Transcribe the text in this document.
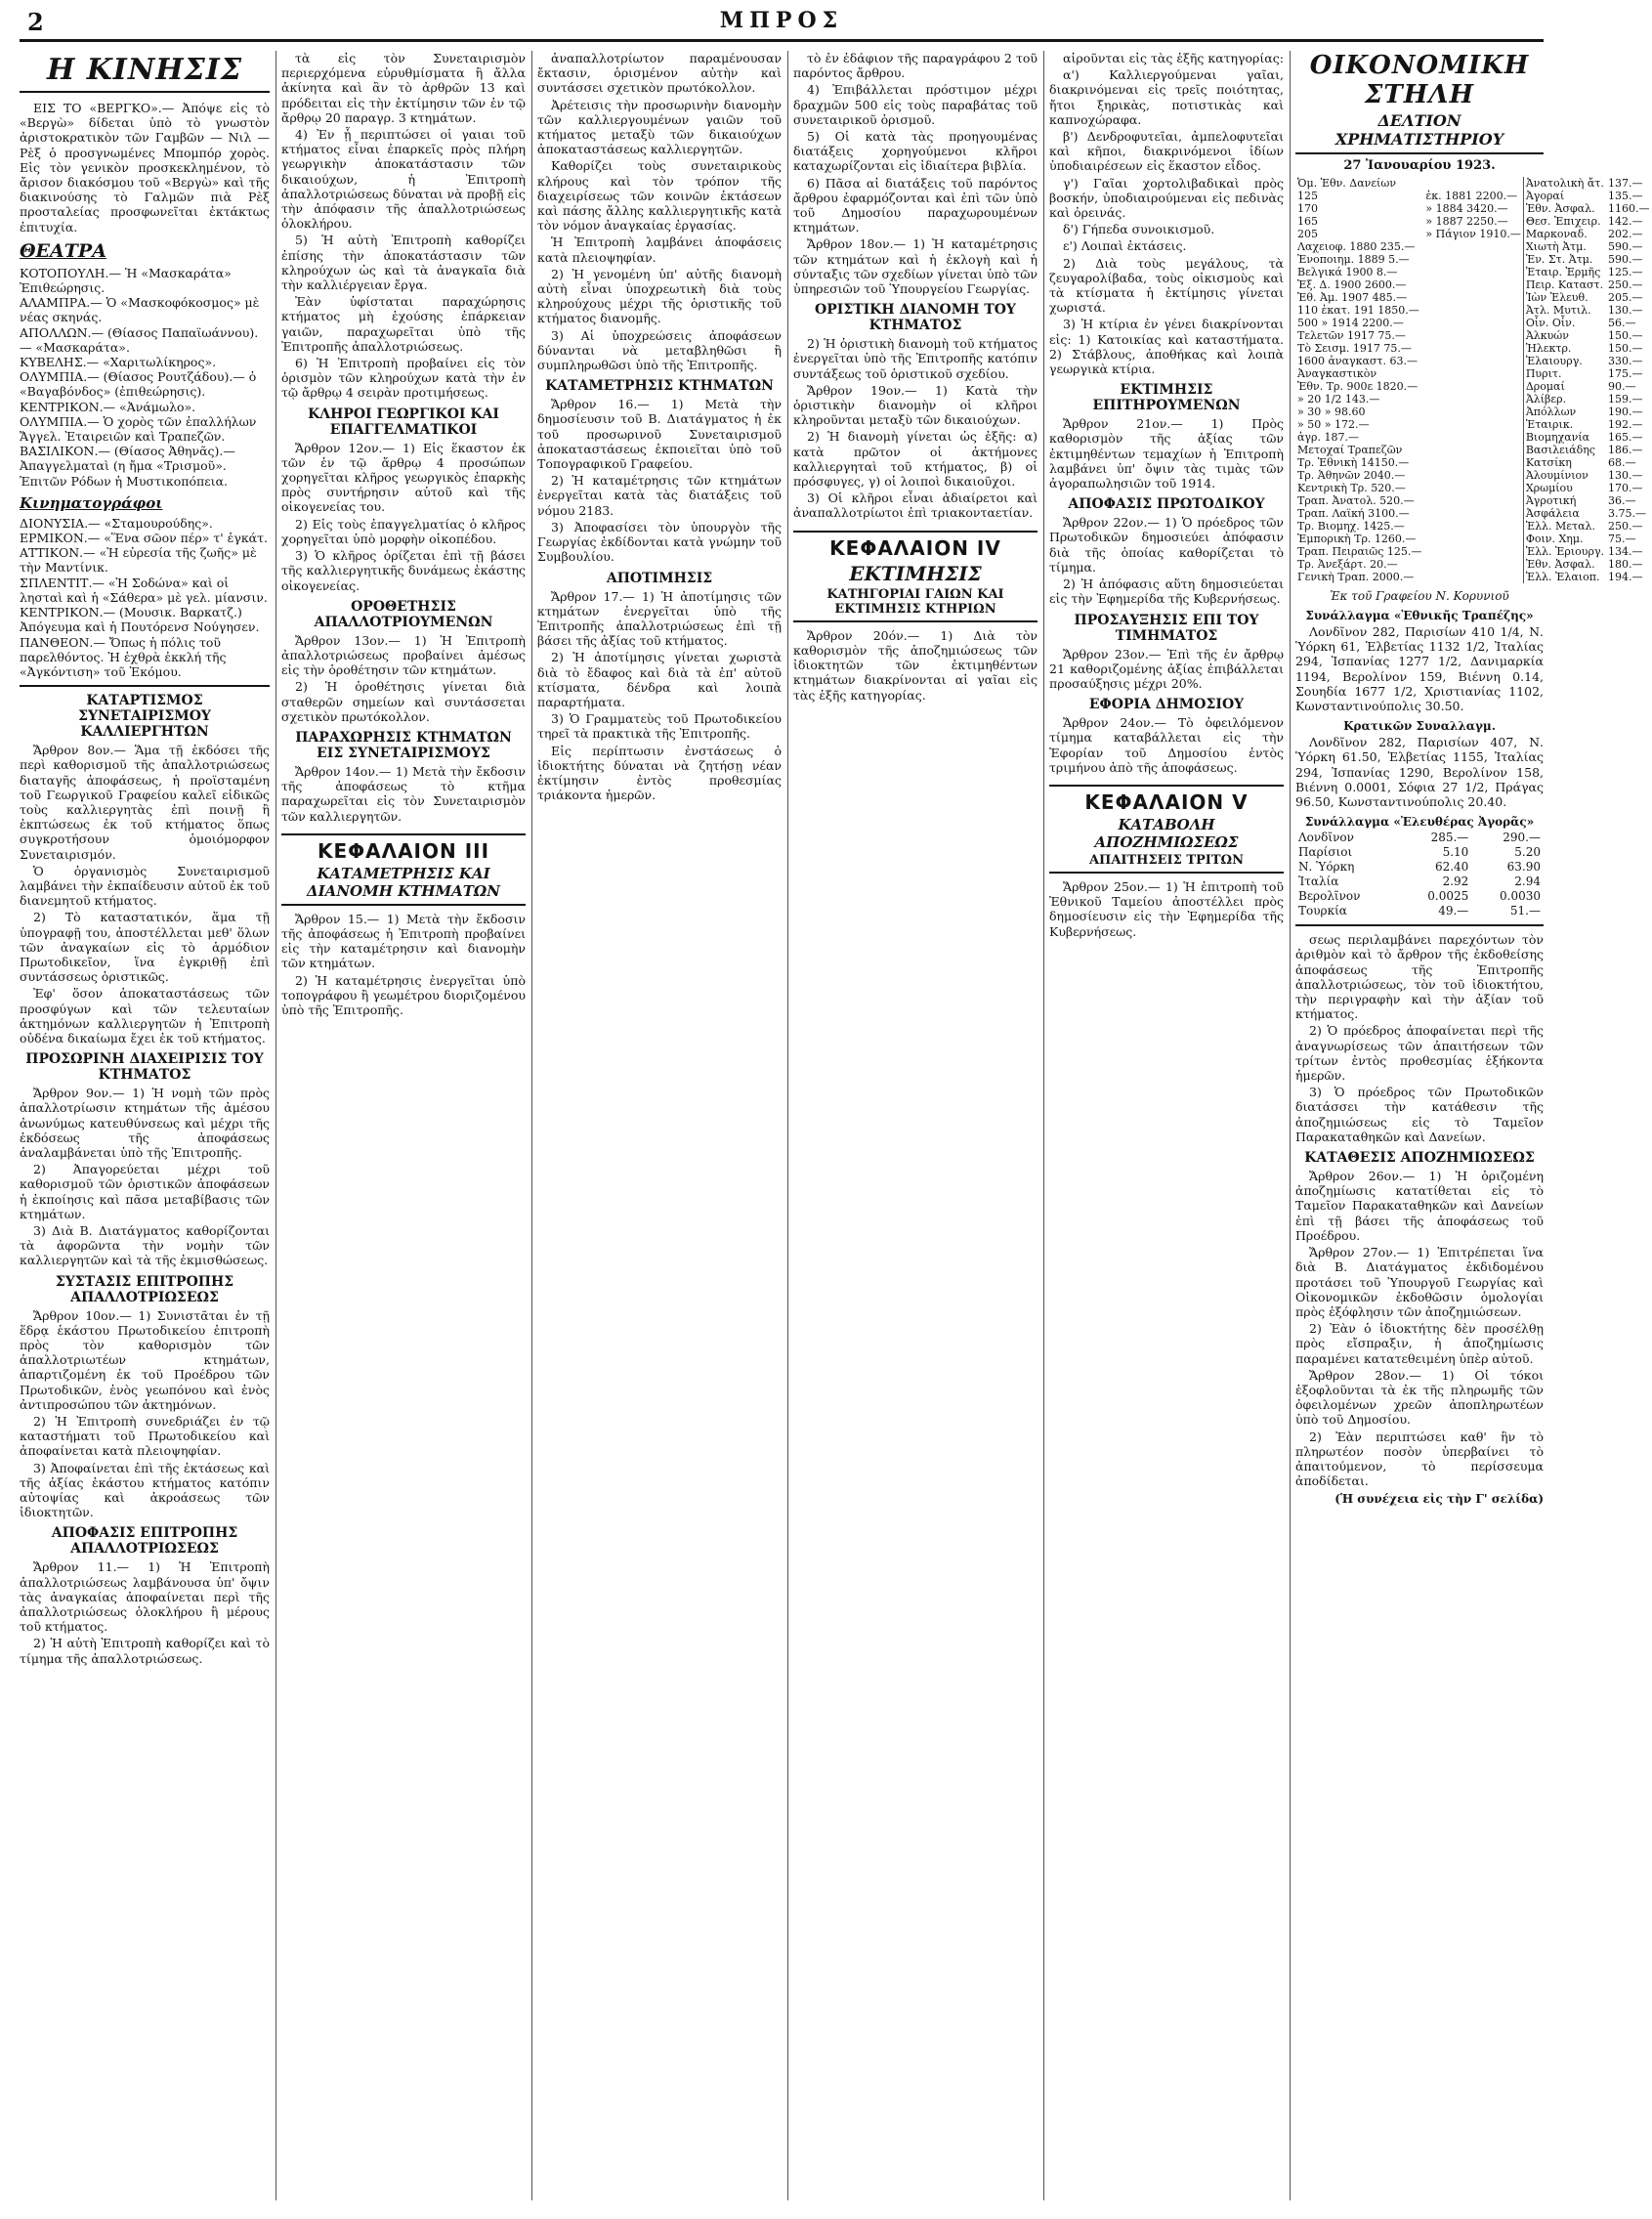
2	ΜΠΡΟΣ
Η ΚΙΝΗΣΙΣ

ΕΙΣ ΤΟ «ΒΕΡΓΚΟ».— Ἀπόψε εἰς τὸ «Βεργὼ» δίδεται ὑπὸ τὸ γνωστὸν ἀριστοκρατικὸν τῶν Γαμβῶν — Νιλ — Ρὲξ ὁ προσγνωμένες Μπομπόρ χορὸς. Εἰς τὸν γενικὸν προσκεκλημένον, τὸ ἄρισον διακόσμου τοῦ «Βεργὼ» καὶ τῆς διακινούσης τὸ Γαλμῶν πιὰ Ρὲξ προσταλείας προσφωνεῖται ἐκτάκτως ἐπιτυχία.

ΘΕΑΤΡΑ

ΚΟΤΟΠΟΥΛΗ.— Ἡ «Μασκαράτα» Ἐπιθεώρησις.

ΑΛΑΜΠΡΑ.— Ὁ «Μασκοφόκοσμος» μὲ νέας σκηνάς.

ΑΠΟΛΛΩΝ.— (Θίασος Παπαϊωάννου).— «Μασκαράτα».

ΚΥΒΕΛΗΣ.— «Χαριτωλίκηρος».

ΟΛΥΜΠΙΑ.— (Θίασος Ρουτζάδου).— ὁ «Βαγαβόνδος» (ἐπιθεώρησις).

ΚΕΝΤΡΙΚΟΝ.— «Ἀνάμωλο».

ΟΛΥΜΠΙΑ.— Ὁ χορὸς τῶν ἐπαλλήλων Ἄγγελ. Ἐταιρειῶν καὶ Τραπεζῶν.

ΒΑΣΙΛΙΚΟΝ.— (Θίασος Ἀθηνᾶς).— Ἀπαγγελματαὶ (η ἤμα «Τρισμοῦ». Ἐπιτῶν Ρόδων ἡ Μυστικοπόπεια.

Κινηματογράφοι

ΔΙΟΝΥΣΙΑ.— «Σταμουρούδης».

ΕΡΜΙΚΟΝ.— «Ἕνα σῶον πέρ» τ' ἐγκάτ.

ΑΤΤΙΚΟΝ.— «Ἡ εὐρεσία τῆς ζωῆς» μὲ τὴν Μαντίνικ.

ΣΠΛΕΝΤΙΤ.— «Ἡ Σοδώνα» καὶ οἱ λησταὶ καὶ ἡ «Σάθερα» μὲ γελ. μίανσιν.

ΚΕΝΤΡΙΚΟΝ.— (Μουσικ. Βαρκατζ.) Ἀπόγευμα καὶ ἡ Πουτόρενσ Νούγησεν.

ΠΑΝΘΕΟΝ.— Ὄπως ἡ πόλις τοῦ παρελθόντος. Ἡ ἐχθρὰ ἐκκλή τῆς «Ἀγκόντιση» τοῦ Ἐκόμου.

ΚΑΤΑΡΤΙΣΜΟΣ ΣΥΝΕΤΑΙΡΙΣΜΟΥ ΚΑΛΛΙΕΡΓΗΤΩΝ

Ἄρθρον 8ον.— Ἅμα τῇ ἐκδόσει τῆς περὶ καθορισμοῦ τῆς ἀπαλλοτριώσεως διαταγῆς ἀποφάσεως, ἡ προϊσταμένη τοῦ Γεωργικοῦ Γραφείου καλεῖ εἰδικῶς τοὺς καλλιεργητὰς ἐπὶ ποινῇ ἢ ἐκπτώσεως ἐκ τοῦ κτήματος ὅπως συγκροτήσουν ὁμοιόμορφον Συνεταιρισμόν.

Ὁ ὀργανισμὸς Συνεταιρισμοῦ λαμβάνει τὴν ἐκπαίδευσιν αὐτοῦ ἐκ τοῦ διανεμητοῦ κτήματος.

2) Τὸ καταστατικόν, ἅμα τῇ ὑπογραφῇ του, ἀποστέλλεται μεθ' ὅλων τῶν ἀναγκαίων εἰς τὸ ἁρμόδιον Πρωτοδικεῖον, ἵνα ἐγκριθῇ ἐπὶ συντάσσεως ὁριστικῶς.

Ἐφ' ὅσον ἀποκαταστάσεως τῶν προσφύγων καὶ τῶν τελευταίων ἀκτημόνων καλλιεργητῶν ἡ Ἐπιτροπὴ οὐδένα δικαίωμα ἔχει ἐκ τοῦ κτήματος.

ΠΡΟΣΩΡΙΝΗ ΔΙΑΧΕΙΡΙΣΙΣ ΤΟΥ ΚΤΗΜΑΤΟΣ

Ἄρθρον 9ον.— 1) Ἡ νομὴ τῶν πρὸς ἀπαλλοτρίωσιν κτημάτων τῆς ἀμέσου ἀνωνύμως κατευθύνσεως καὶ μέχρι τῆς ἐκδόσεως τῆς ἀποφάσεως ἀναλαμβάνεται ὑπὸ τῆς Ἐπιτροπῆς.

2) Ἀπαγορεύεται μέχρι τοῦ καθορισμοῦ τῶν ὁριστικῶν ἀποφάσεων ἡ ἐκποίησις καὶ πᾶσα μεταβίβασις τῶν κτημάτων.

3) Διὰ Β. Διατάγματος καθορίζονται τὰ ἀφορῶντα τὴν νομὴν τῶν καλλιεργητῶν καὶ τὰ τῆς ἐκμισθώσεως.

ΣΥΣΤΑΣΙΣ ΕΠΙΤΡΟΠΗΣ ΑΠΑΛΛΟΤΡΙΩΣΕΩΣ

Ἄρθρον 10ον.— 1) Συνιστᾶται ἐν τῇ ἕδρᾳ ἑκάστου Πρωτοδικείου ἐπιτροπὴ πρὸς τὸν καθορισμὸν τῶν ἀπαλλοτριωτέων κτημάτων, ἀπαρτιζομένη ἐκ τοῦ Προέδρου τῶν Πρωτοδικῶν, ἑνὸς γεωπόνου καὶ ἑνὸς ἀντιπροσώπου τῶν ἀκτημόνων.

2) Ἡ Ἐπιτροπὴ συνεδριάζει ἐν τῷ καταστήματι τοῦ Πρωτοδικείου καὶ ἀποφαίνεται κατὰ πλειοψηφίαν.

3) Ἀποφαίνεται ἐπὶ τῆς ἐκτάσεως καὶ τῆς ἀξίας ἑκάστου κτήματος κατόπιν αὐτοψίας καὶ ἀκροάσεως τῶν ἰδιοκτητῶν.

ΑΠΟΦΑΣΙΣ ΕΠΙΤΡΟΠΗΣ ΑΠΑΛΛΟΤΡΙΩΣΕΩΣ

Ἄρθρον 11.— 1) Ἡ Ἐπιτροπὴ ἀπαλλοτριώσεως λαμβάνουσα ὑπ' ὄψιν τὰς ἀναγκαίας ἀποφαίνεται περὶ τῆς ἀπαλλοτριώσεως ὁλοκλήρου ἢ μέρους τοῦ κτήματος.

2) Ἡ αὐτὴ Ἐπιτροπὴ καθορίζει καὶ τὸ τίμημα τῆς ἀπαλλοτριώσεως.

τὰ εἰς τὸν Συνεταιρισμὸν περιερχόμενα εὐρυθμίσματα ἢ ἄλλα ἀκίνητα καὶ ἂν τὸ ἀρθρῶν 13 καὶ πρόδειται εἰς τὴν ἐκτίμησιν τῶν ἐν τῷ ἄρθρῳ 20 παραγρ. 3 κτημάτων.

4) Ἐν ᾗ περιπτώσει οἱ γαιαι τοῦ κτήματος εἶναι ἐπαρκεῖς πρὸς πλήρη γεωργικὴν ἀποκατάστασιν τῶν δικαιούχων, ἡ Ἐπιτροπὴ ἀπαλλοτριώσεως δύναται νὰ προβῇ εἰς τὴν ἀπόφασιν τῆς ἀπαλλοτριώσεως ὁλοκλήρου.

5) Ἡ αὐτὴ Ἐπιτροπὴ καθορίζει ἐπίσης τὴν ἀποκατάστασιν τῶν κληρούχων ὡς καὶ τὰ ἀναγκαῖα διὰ τὴν καλλιέργειαν ἔργα.

Ἐὰν ὑφίσταται παραχώρησις κτήματος μὴ ἐχούσης ἐπάρκειαν γαιῶν, παραχωρεῖται ὑπὸ τῆς Ἐπιτροπῆς ἀπαλλοτριώσεως.

6) Ἡ Ἐπιτροπὴ προβαίνει εἰς τὸν ὁρισμὸν τῶν κληρούχων κατὰ τὴν ἐν τῷ ἄρθρῳ 4 σειρὰν προτιμήσεως.

ΚΛΗΡΟΙ ΓΕΩΡΓΙΚΟΙ ΚΑΙ ΕΠΑΓΓΕΛΜΑΤΙΚΟΙ

Ἄρθρον 12ον.— 1) Εἰς ἕκαστον ἐκ τῶν ἐν τῷ ἄρθρῳ 4 προσώπων χορηγεῖται κλῆρος γεωργικὸς ἐπαρκὴς πρὸς συντήρησιν αὐτοῦ καὶ τῆς οἰκογενείας του.

2) Εἰς τοὺς ἐπαγγελματίας ὁ κλῆρος χορηγεῖται ὑπὸ μορφὴν οἰκοπέδου.

3) Ὁ κλῆρος ὁρίζεται ἐπὶ τῇ βάσει τῆς καλλιεργητικῆς δυνάμεως ἑκάστης οἰκογενείας.

ΟΡΟΘΕΤΗΣΙΣ ΑΠΑΛΛΟΤΡΙΟΥΜΕΝΩΝ

Ἄρθρον 13ον.— 1) Ἡ Ἐπιτροπὴ ἀπαλλοτριώσεως προβαίνει ἀμέσως εἰς τὴν ὁροθέτησιν τῶν κτημάτων.

2) Ἡ ὁροθέτησις γίνεται διὰ σταθερῶν σημείων καὶ συντάσσεται σχετικὸν πρωτόκολλον.

ΠΑΡΑΧΩΡΗΣΙΣ ΚΤΗΜΑΤΩΝ ΕΙΣ ΣΥΝΕΤΑΙΡΙΣΜΟΥΣ

Ἄρθρον 14ον.— 1) Μετὰ τὴν ἔκδοσιν τῆς ἀποφάσεως τὸ κτῆμα παραχωρεῖται εἰς τὸν Συνεταιρισμὸν τῶν καλλιεργητῶν.

ΚΕΦΑΛΑΙΟΝ ΙΙΙ
ΚΑΤΑΜΕΤΡΗΣΙΣ ΚΑΙ ΔΙΑΝΟΜΗ ΚΤΗΜΑΤΩΝ

Ἄρθρον 15.— 1) Μετὰ τὴν ἔκδοσιν τῆς ἀποφάσεως ἡ Ἐπιτροπὴ προβαίνει εἰς τὴν καταμέτρησιν καὶ διανομὴν τῶν κτημάτων.

2) Ἡ καταμέτρησις ἐνεργεῖται ὑπὸ τοπογράφου ἢ γεωμέτρου διοριζομένου ὑπὸ τῆς Ἐπιτροπῆς.

ἀναπαλλοτρίωτον παραμένουσαν ἔκτασιν, ὁρισμένον αὐτὴν καὶ συντάσσει σχετικὸν πρωτόκολλον.

Ἀρέτεισις τὴν προσωρινὴν διανομὴν τῶν καλλιεργουμένων γαιῶν τοῦ κτήματος μεταξὺ τῶν δικαιούχων ἀποκαταστάσεως καλλιεργητῶν.

Καθορίζει τοὺς συνεταιρικοὺς κλήρους καὶ τὸν τρόπον τῆς διαχειρίσεως τῶν κοινῶν ἐκτάσεων καὶ πάσης ἄλλης καλλιεργητικῆς κατὰ τὸν νόμον ἀναγκαίας ἐργασίας.

Ἡ Ἐπιτροπὴ λαμβάνει ἀποφάσεις κατὰ πλειοψηφίαν.

2) Ἡ γενομένη ὑπ' αὐτῆς διανομὴ αὐτὴ εἶναι ὑποχρεωτικὴ διὰ τοὺς κληρούχους μέχρι τῆς ὁριστικῆς τοῦ κτήματος διανομῆς.

3) Αἱ ὑποχρεώσεις ἀποφάσεων δύνανται νὰ μεταβληθῶσι ἢ συμπληρωθῶσι ὑπὸ τῆς Ἐπιτροπῆς.

ΚΑΤΑΜΕΤΡΗΣΙΣ ΚΤΗΜΑΤΩΝ

Ἄρθρον 16.— 1) Μετὰ τὴν δημοσίευσιν τοῦ Β. Διατάγματος ἡ ἐκ τοῦ προσωρινοῦ Συνεταιρισμοῦ ἀποκαταστάσεως ἐκποιεῖται ὑπὸ τοῦ Τοπογραφικοῦ Γραφείου.

2) Ἡ καταμέτρησις τῶν κτημάτων ἐνεργεῖται κατὰ τὰς διατάξεις τοῦ νόμου 2183.

3) Ἀποφασίσει τὸν ὑπουργὸν τῆς Γεωργίας ἐκδίδονται κατὰ γνώμην τοῦ Συμβουλίου.

ΑΠΟΤΙΜΗΣΙΣ

Ἄρθρον 17.— 1) Ἡ ἀποτίμησις τῶν κτημάτων ἐνεργεῖται ὑπὸ τῆς Ἐπιτροπῆς ἀπαλλοτριώσεως ἐπὶ τῇ βάσει τῆς ἀξίας τοῦ κτήματος.

2) Ἡ ἀποτίμησις γίνεται χωριστὰ διὰ τὸ ἔδαφος καὶ διὰ τὰ ἐπ' αὐτοῦ κτίσματα, δένδρα καὶ λοιπὰ παραρτήματα.

3) Ὁ Γραμματεὺς τοῦ Πρωτοδικείου τηρεῖ τὰ πρακτικὰ τῆς Ἐπιτροπῆς.

Εἰς περίπτωσιν ἐνστάσεως ὁ ἰδιοκτήτης δύναται νὰ ζητήσῃ νέαν ἐκτίμησιν ἐντὸς προθεσμίας τριάκοντα ἡμερῶν.

τὸ ἐν ἐδάφιον τῆς παραγράφου 2 τοῦ παρόντος ἄρθρου.

4) Ἐπιβάλλεται πρόστιμον μέχρι δραχμῶν 500 εἰς τοὺς παραβάτας τοῦ συνεταιρικοῦ ὁρισμοῦ.

5) Οἱ κατὰ τὰς προηγουμένας διατάξεις χορηγούμενοι κλῆροι καταχωρίζονται εἰς ἰδιαίτερα βιβλία.

6) Πᾶσα αἱ διατάξεις τοῦ παρόντος ἄρθρου ἐφαρμόζονται καὶ ἐπὶ τῶν ὑπὸ τοῦ Δημοσίου παραχωρουμένων κτημάτων.

Ἄρθρον 18ον.— 1) Ἡ καταμέτρησις τῶν κτημάτων καὶ ἡ ἐκλογὴ καὶ ἡ σύνταξις τῶν σχεδίων γίνεται ὑπὸ τῶν ὑπηρεσιῶν τοῦ Ὑπουργείου Γεωργίας.

ΟΡΙΣΤΙΚΗ ΔΙΑΝΟΜΗ ΤΟΥ ΚΤΗΜΑΤΟΣ

2) Ἡ ὁριστικὴ διανομὴ τοῦ κτήματος ἐνεργεῖται ὑπὸ τῆς Ἐπιτροπῆς κατόπιν συντάξεως τοῦ ὁριστικοῦ σχεδίου.

Ἄρθρον 19ον.— 1) Κατὰ τὴν ὁριστικὴν διανομὴν οἱ κλῆροι κληροῦνται μεταξὺ τῶν δικαιούχων.

2) Ἡ διανομὴ γίνεται ὡς ἑξῆς: α) κατὰ πρῶτον οἱ ἀκτήμονες καλλιεργηταὶ τοῦ κτήματος, β) οἱ πρόσφυγες, γ) οἱ λοιποὶ δικαιοῦχοι.

3) Οἱ κλῆροι εἶναι ἀδιαίρετοι καὶ ἀναπαλλοτρίωτοι ἐπὶ τριακονταετίαν.

ΚΕΦΑΛΑΙΟΝ IV
ΕΚΤΙΜΗΣΙΣ
ΚΑΤΗΓΟΡΙΑΙ ΓΑΙΩΝ ΚΑΙ ΕΚΤΙΜΗΣΙΣ ΚΤΗΡΙΩΝ

Ἄρθρον 20όν.— 1) Διὰ τὸν καθορισμὸν τῆς ἀποζημιώσεως τῶν ἰδιοκτητῶν τῶν ἐκτιμηθέντων κτημάτων διακρίνονται αἱ γαῖαι εἰς τὰς ἑξῆς κατηγορίας.

αἰροῦνται εἰς τὰς ἑξῆς κατηγορίας:

α') Καλλιεργούμεναι γαῖαι, διακρινόμεναι εἰς τρεῖς ποιότητας, ἤτοι ξηρικὰς, ποτιστικὰς καὶ καπνοχώραφα.

β') Δενδροφυτεῖαι, ἀμπελοφυτεῖαι καὶ κῆποι, διακρινόμενοι ἰδίων ὑποδιαιρέσεων εἰς ἕκαστον εἶδος.

γ') Γαῖαι χορτολιβαδικαὶ πρὸς βοσκήν, ὑποδιαιρούμεναι εἰς πεδινὰς καὶ ὀρεινάς.

δ') Γήπεδα συνοικισμοῦ.

ε') Λοιπαὶ ἐκτάσεις.

2) Διὰ τοὺς μεγάλους, τὰ ζευγαρολίβαδα, τοὺς οἰκισμοὺς καὶ τὰ κτίσματα ἡ ἐκτίμησις γίνεται χωριστά.

3) Ἡ κτίρια ἐν γένει διακρίνονται εἰς: 1) Κατοικίας καὶ καταστήματα. 2) Στάβλους, ἀποθήκας καὶ λοιπὰ γεωργικὰ κτίρια.

ΕΚΤΙΜΗΣΙΣ ΕΠΙΤΗΡΟΥΜΕΝΩΝ

Ἄρθρον 21ον.— 1) Πρὸς καθορισμὸν τῆς ἀξίας τῶν ἐκτιμηθέντων τεμαχίων ἡ Ἐπιτροπὴ λαμβάνει ὑπ' ὄψιν τὰς τιμὰς τῶν ἀγοραπωλησιῶν τοῦ 1914.

ΑΠΟΦΑΣΙΣ ΠΡΩΤΟΔΙΚΟΥ

Ἄρθρον 22ον.— 1) Ὁ πρόεδρος τῶν Πρωτοδικῶν δημοσιεύει ἀπόφασιν διὰ τῆς ὁποίας καθορίζεται τὸ τίμημα.

2) Ἡ ἀπόφασις αὕτη δημοσιεύεται εἰς τὴν Ἐφημερίδα τῆς Κυβερνήσεως.

ΠΡΟΣΑΥΞΗΣΙΣ ΕΠΙ ΤΟΥ ΤΙΜΗΜΑΤΟΣ

Ἄρθρον 23ον.— Ἐπὶ τῆς ἐν ἄρθρῳ 21 καθοριζομένης ἀξίας ἐπιβάλλεται προσαύξησις μέχρι 20%.

ΕΦΟΡΙΑ ΔΗΜΟΣΙΟΥ

Ἄρθρον 24ον.— Τὸ ὀφειλόμενον τίμημα καταβάλλεται εἰς τὴν Ἐφορίαν τοῦ Δημοσίου ἐντὸς τριμήνου ἀπὸ τῆς ἀποφάσεως.

ΚΕΦΑΛΑΙΟΝ V
ΚΑΤΑΒΟΛΗ ΑΠΟΖΗΜΙΩΣΕΩΣ
ΑΠΑΙΤΗΣΕΙΣ ΤΡΙΤΩΝ

Ἄρθρον 25ον.— 1) Ἡ ἐπιτροπὴ τοῦ Ἐθνικοῦ Ταμείου ἀποστέλλει πρὸς δημοσίευσιν εἰς τὴν Ἐφημερίδα τῆς Κυβερνήσεως.

ΟΙΚΟΝΟΜΙΚΗ ΣΤΗΛΗ
ΔΕΛΤΙΟΝ ΧΡΗΜΑΤΙΣΤΗΡΙΟΥ
27 Ἰανουαρίου 1923.
Ὁμ. Ἐθν. Δανείων		Ἀνατολικὴ ἄτ.	137.—
125	ἐκ. 1881 2200.—	Ἀγοραί	135.—
170	» 1884 3420.—	Ἐθν. Ἀσφαλ.	1160.—
165	» 1887 2250.—	Θεσ. Ἐπιχειρ.	142.—
205	» Πάγιον 1910.—	Μαρκοναδ.	202.—
Λαχειοφ. 1880 235.—		Χιωτὴ Ἀτμ.	590.—
Ἐνοποιημ. 1889 5.—		Ἐν. Στ. Ἀτμ.	590.—
Βελγικά 1900 8.—		Ἐταιρ. Ἐρμῆς	125.—
Ἐξ. Δ. 1900 2600.—		Πειρ. Καταστ.	250.—
Ἐθ. Ἀμ. 1907 485.—		Ἰὼν Ἐλευθ.	205.—
110 ἐκατ. 191 1850.—		Ἀτλ. Μυτιλ.	130.—
500 » 1914 2200.—		Οἶν. Οἶν.	56.—
Τελετῶν 1917 75.—		Ἀλκυών	150.—
Τὸ Σεισμ. 1917 75.—		Ἠλεκτρ.	150.—
1600 ἀναγκαστ. 63.—		Ἐλαιουργ.	330.—
Ἀναγκαστικὸν		Πυριτ.	175.—
Ἐθν. Τρ. 900ε 1820.—		Δρομαί	90.—
» 20 1/2 143.—		Ἀλίβερ.	159.—
» 30 » 98.60		Ἀπόλλων	190.—
» 50 » 172.—		Ἐταιρικ.	192.—
ἀγρ. 187.—		Βιομηχανία	165.—
Μετοχαί Τραπεζῶν		Βασιλειάδης	186.—
Τρ. Ἐθνικὴ 14150.—		Κατσίκη	68.—
Τρ. Ἀθηνῶν 2040.—		Ἀλουμίνιον	130.—
Κεντρικὴ Τρ. 520.—		Χρωμίου	170.—
Τραπ. Ἀνατολ. 520.—		Ἀγροτική	36.—
Τραπ. Λαϊκή 3100.—		Ἀσφάλεια	3.75.—
Τρ. Βιομηχ. 1425.—		Ἑλλ. Μεταλ.	250.—
Ἐμπορικὴ Τρ. 1260.—		Φοιν. Χημ.	75.—
Τραπ. Πειραιῶς 125.—		Ἑλλ. Ἐριουργ.	134.—
Τρ. Ἀνεξάρτ. 20.—		Ἐθν. Ἀσφαλ.	180.—
Γενικὴ Τραπ. 2000.—		Ἑλλ. Ἐλαιοπ.	194.—
Ἐκ τοῦ Γραφείου Ν. Κορυνιοῦ
Συνάλλαγμα «Ἐθνικῆς Τραπέζης»

Λονδῖνον 282, Παρισίων 410 1/4, Ν. Ὑόρκη 61, Ἑλβετίας 1132 1/2, Ἰταλίας 294, Ἰσπανίας 1277 1/2, Δανιμαρκία 1194, Βερολίνον 159, Βιέννη 0.14, Σουηδία 1677 1/2, Χριστιανίας 1102, Κωνσταντινούπολις 30.50.

Κρατικῶν Συναλλαγμ.

Λονδῖνον 282, Παρισίων 407, Ν. Ὑόρκη 61.50, Ἑλβετίας 1155, Ἰταλίας 294, Ἰσπανίας 1290, Βερολίνον 158, Βιέννη 0.0001, Σόφια 27 1/2, Πράγας 96.50, Κωνσταντινούπολις 20.40.

Συνάλλαγμα «Ἐλευθέρας Ἀγορᾶς»
Λονδῖνον	285.—	290.—
Παρίσιοι	5.10	5.20
Ν. Ὑόρκη	62.40	63.90
Ἰταλία	2.92	2.94
Βερολῖνον	0.0025	0.0030
Τουρκία	49.—	51.—

σεως περιλαμβάνει παρεχόντων τὸν ἀριθμὸν καὶ τὸ ἄρθρον τῆς ἐκδοθείσης ἀποφάσεως τῆς Ἐπιτροπῆς ἀπαλλοτριώσεως, τὸν τοῦ ἰδιοκτήτου, τὴν περιγραφὴν καὶ τὴν ἀξίαν τοῦ κτήματος.

2) Ὁ πρόεδρος ἀποφαίνεται περὶ τῆς ἀναγνωρίσεως τῶν ἀπαιτήσεων τῶν τρίτων ἐντὸς προθεσμίας ἑξήκοντα ἡμερῶν.

3) Ὁ πρόεδρος τῶν Πρωτοδικῶν διατάσσει τὴν κατάθεσιν τῆς ἀποζημιώσεως εἰς τὸ Ταμεῖον Παρακαταθηκῶν καὶ Δανείων.

ΚΑΤΑΘΕΣΙΣ ΑΠΟΖΗΜΙΩΣΕΩΣ

Ἄρθρον 26ον.— 1) Ἡ ὁριζομένη ἀποζημίωσις κατατίθεται εἰς τὸ Ταμεῖον Παρακαταθηκῶν καὶ Δανείων ἐπὶ τῇ βάσει τῆς ἀποφάσεως τοῦ Προέδρου.

Ἄρθρον 27ον.— 1) Ἐπιτρέπεται ἵνα διὰ Β. Διατάγματος ἐκδιδομένου προτάσει τοῦ Ὑπουργοῦ Γεωργίας καὶ Οἰκονομικῶν ἐκδοθῶσιν ὁμολογίαι πρὸς ἐξόφλησιν τῶν ἀποζημιώσεων.

2) Ἐὰν ὁ ἰδιοκτήτης δὲν προσέλθῃ πρὸς εἴσπραξιν, ἡ ἀποζημίωσις παραμένει κατατεθειμένη ὑπὲρ αὐτοῦ.

Ἄρθρον 28ον.— 1) Οἱ τόκοι ἐξοφλοῦνται τὰ ἐκ τῆς πληρωμῆς τῶν ὀφειλομένων χρεῶν ἀποπληρωτέων ὑπὸ τοῦ Δημοσίου.

2) Ἐὰν περιπτώσει καθ' ἣν τὸ πληρωτέον ποσὸν ὑπερβαίνει τὸ ἀπαιτούμενον, τὸ περίσσευμα ἀποδίδεται.

(Ἡ συνέχεια εἰς τὴν Γ' σελίδα)
